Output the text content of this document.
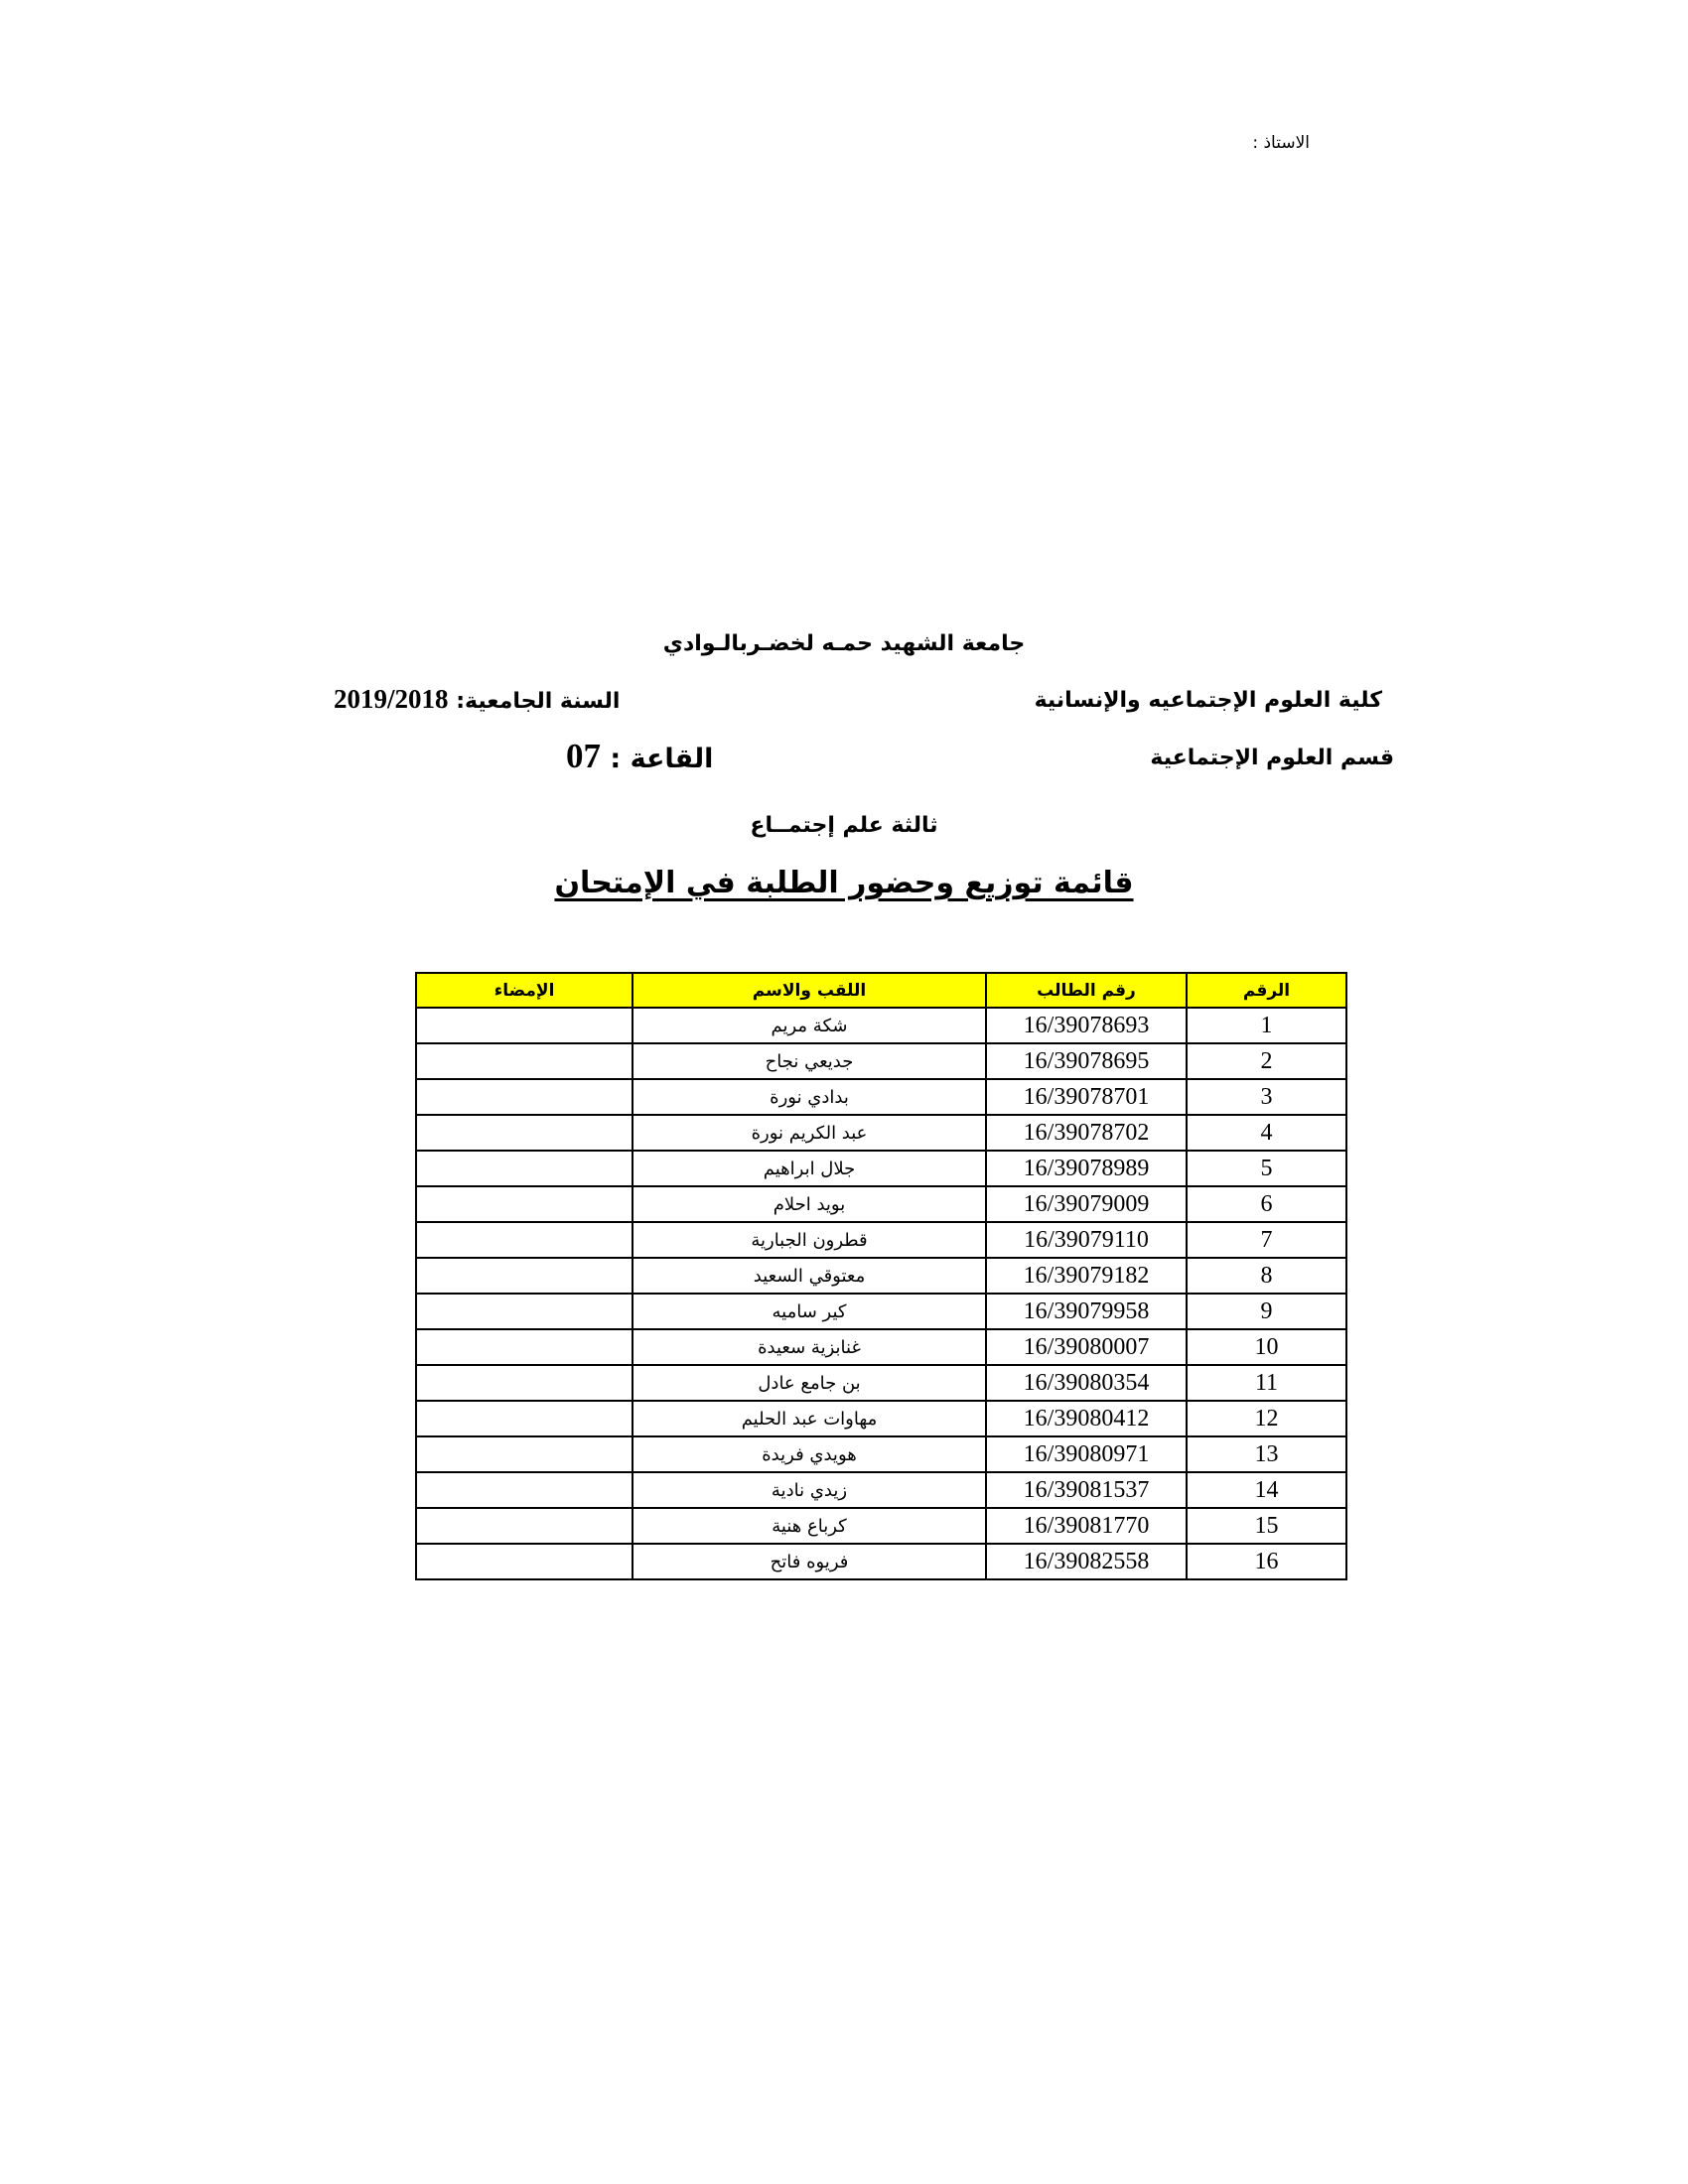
الاستاذ :
جامعة الشهيد حمـه لخضـربالـوادي
كلية العلوم الإجتماعيه والإنسانية
السنة الجامعية: 2019/2018
قسم العلوم الإجتماعية
القاعة : 07
ثالثة علم إجتمــاع
قائمة توزيع وحضور الطلبة في الإمتحان
الرقم	رقم الطالب	اللقب والاسم	الإمضاء
1	16/39078693	شكة مريم	
2	16/39078695	جديعي نجاح	
3	16/39078701	بدادي نورة	
4	16/39078702	عبد الكريم نورة	
5	16/39078989	جلال ابراهيم	
6	16/39079009	بويد احلام	
7	16/39079110	قطرون الجبارية	
8	16/39079182	معتوقي السعيد	
9	16/39079958	كير ساميه	
10	16/39080007	غنابزية سعيدة	
11	16/39080354	بن جامع عادل	
12	16/39080412	مهاوات عبد الحليم	
13	16/39080971	هويدي فريدة	
14	16/39081537	زيدي نادية	
15	16/39081770	كرباع هنية	
16	16/39082558	فريوه فاتح	
